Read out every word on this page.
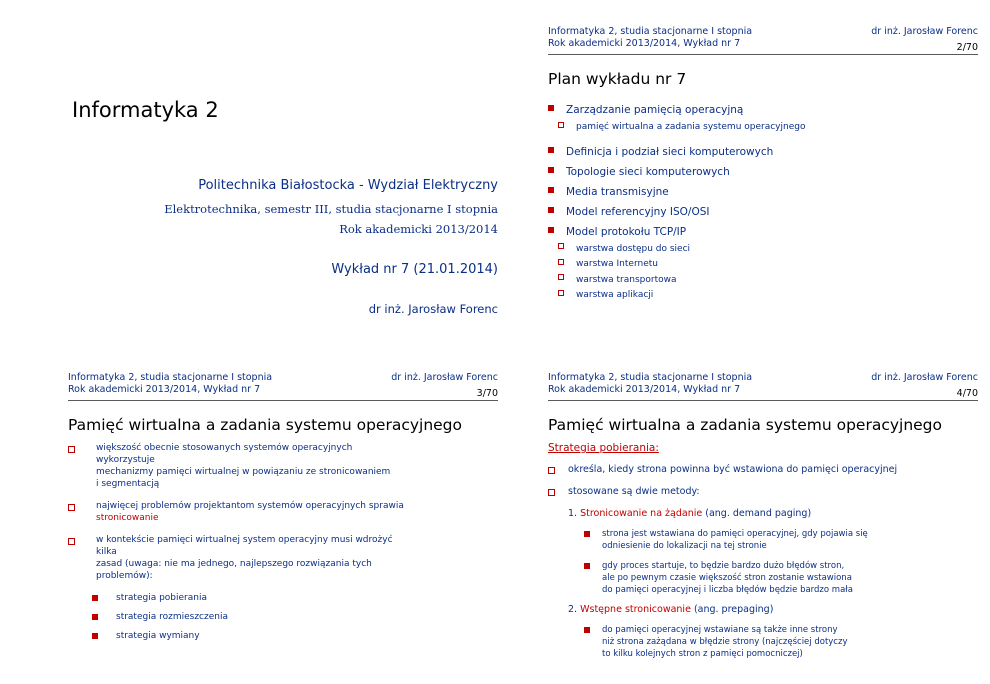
Informatyka 2
Politechnika Białostocka - Wydział Elektryczny
Elektrotechnika, semestr III, studia stacjonarne I stopnia
Rok akademicki 2013/2014
Wykład nr 7 (21.01.2014)
dr inż. Jarosław Forenc
Informatyka 2, studia stacjonarne I stopnia
Rok akademicki 2013/2014, Wykład nr 7
dr inż. Jarosław Forenc
2/70
Plan wykładu nr 7
Zarządzanie pamięcią operacyjną
pamięć wirtualna a zadania systemu operacyjnego
Definicja i podział sieci komputerowych
Topologie sieci komputerowych
Media transmisyjne
Model referencyjny ISO/OSI
Model protokołu TCP/IP
warstwa dostępu do sieci
warstwa Internetu
warstwa transportowa
warstwa aplikacji
Informatyka 2, studia stacjonarne I stopnia
Rok akademicki 2013/2014, Wykład nr 7
dr inż. Jarosław Forenc
3/70
Pamięć wirtualna a zadania systemu operacyjnego
większość obecnie stosowanych systemów operacyjnych wykorzystuje
mechanizmy pamięci wirtualnej w powiązaniu ze stronicowaniem
i segmentacją
najwięcej problemów projektantom systemów operacyjnych sprawia
stronicowanie
w kontekście pamięci wirtualnej system operacyjny musi wdrożyć kilka
zasad (uwaga: nie ma jednego, najlepszego rozwiązania tych
problemów):
strategia pobierania
strategia rozmieszczenia
strategia wymiany
Informatyka 2, studia stacjonarne I stopnia
Rok akademicki 2013/2014, Wykład nr 7
dr inż. Jarosław Forenc
4/70
Pamięć wirtualna a zadania systemu operacyjnego
Strategia pobierania:
określa, kiedy strona powinna być wstawiona do pamięci operacyjnej
stosowane są dwie metody:
1. Stronicowanie na żądanie (ang. demand paging)
strona jest wstawiana do pamięci operacyjnej, gdy pojawia się
odniesienie do lokalizacji na tej stronie
gdy proces startuje, to będzie bardzo dużo błędów stron,
ale po pewnym czasie większość stron zostanie wstawiona
do pamięci operacyjnej i liczba błędów będzie bardzo mała
2. Wstępne stronicowanie (ang. prepaging)
do pamięci operacyjnej wstawiane są także inne strony
niż strona zażądana w błędzie strony (najczęściej dotyczy
to kilku kolejnych stron z pamięci pomocniczej)
